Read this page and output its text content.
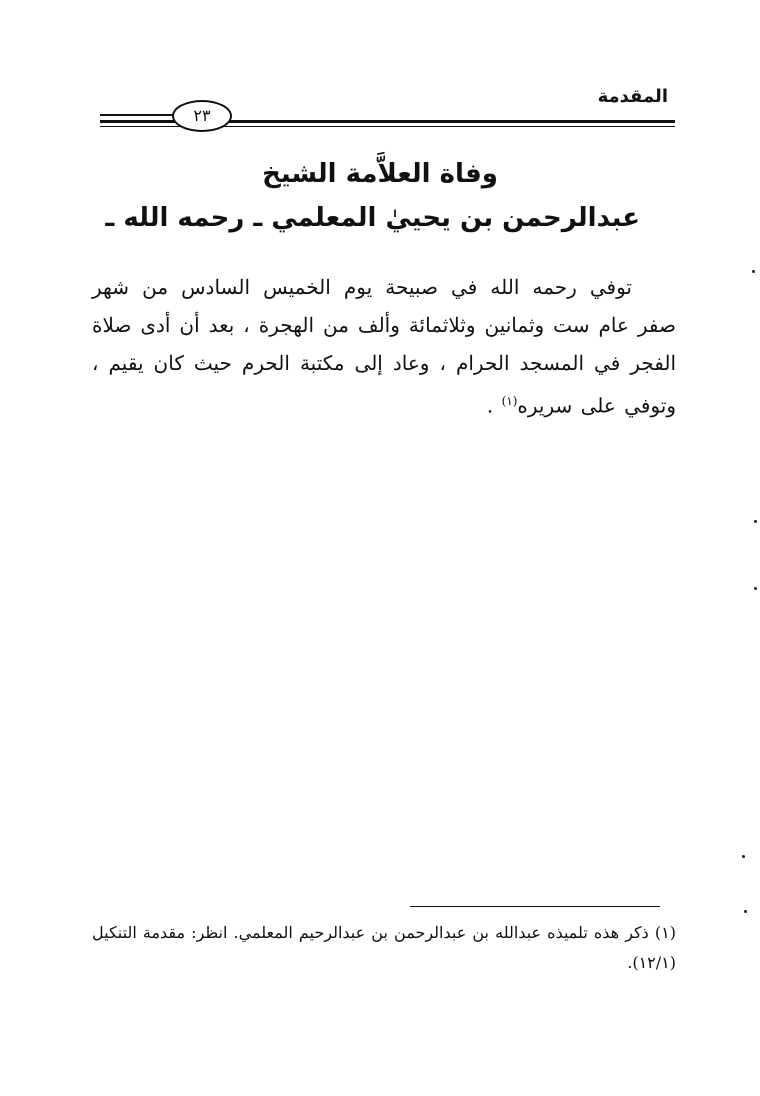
المقدمة
٢٣
وفاة العلاَّمة الشيخ
عبدالرحمن بن يحييٰ المعلمي ـ رحمه الله ـ

توفي رحمه الله في صبيحة يوم الخميس السادس من شهر صفر عام ست وثمانين وثلاثمائة وألف من الهجرة ، بعد أن أدى صلاة الفجر في المسجد الحرام ، وعاد إلى مكتبة الحرم حيث كان يقيم ، وتوفي على سريره$^{(١)}$ .

(١) ذكر هذه تلميذه عبدالله بن عبدالرحمن بن عبدالرحيم المعلمي. انظر: مقدمة التنكيل (١٢/١).
